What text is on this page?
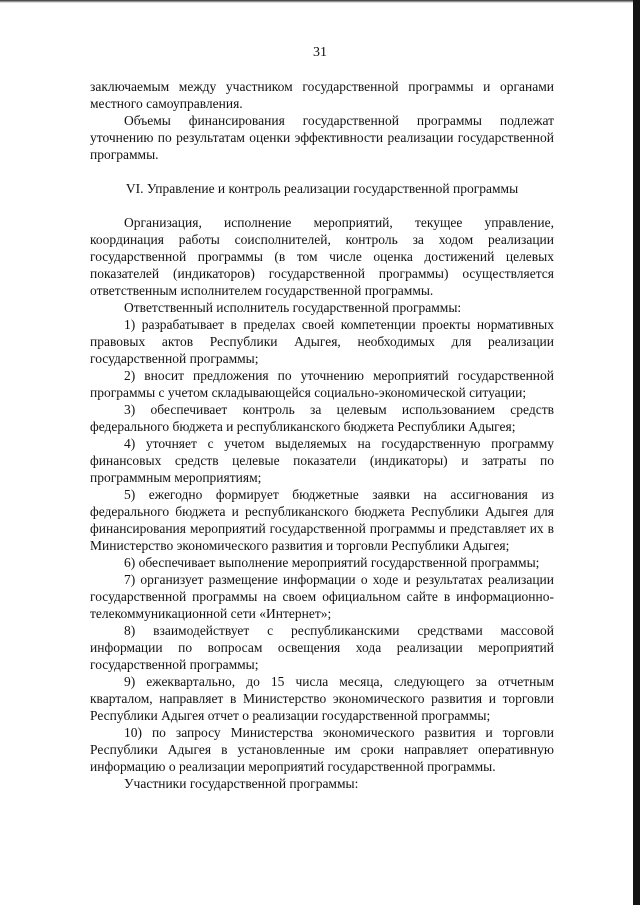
31

заключаемым между участником государственной программы и органами местного самоуправления.

Объемы финансирования государственной программы подлежат уточнению по результатам оценки эффективности реализации государственной программы.

VI. Управление и контроль реализации государственной программы

Организация, исполнение мероприятий, текущее управление, координация работы соисполнителей, контроль за ходом реализации государственной программы (в том числе оценка достижений целевых показателей (индикаторов) государственной программы) осуществляется ответственным исполнителем государственной программы.

Ответственный исполнитель государственной программы:

1) разрабатывает в пределах своей компетенции проекты нормативных правовых актов Республики Адыгея, необходимых для реализации государственной программы;

2) вносит предложения по уточнению мероприятий государственной программы с учетом складывающейся социально-экономической ситуации;

3) обеспечивает контроль за целевым использованием средств федерального бюджета и республиканского бюджета Республики Адыгея;

4) уточняет с учетом выделяемых на государственную программу финансовых средств целевые показатели (индикаторы) и затраты по программным мероприятиям;

5) ежегодно формирует бюджетные заявки на ассигнования из федерального бюджета и республиканского бюджета Республики Адыгея для финансирования мероприятий государственной программы и представляет их в Министерство экономического развития и торговли Республики Адыгея;

6) обеспечивает выполнение мероприятий государственной программы;

7) организует размещение информации о ходе и результатах реализации государственной программы на своем официальном сайте в информационно-телекоммуникационной сети «Интернет»;

8) взаимодействует с республиканскими средствами массовой информации по вопросам освещения хода реализации мероприятий государственной программы;

9) ежеквартально, до 15 числа месяца, следующего за отчетным кварталом, направляет в Министерство экономического развития и торговли Республики Адыгея отчет о реализации государственной программы;

10) по запросу Министерства экономического развития и торговли Республики Адыгея в установленные им сроки направляет оперативную информацию о реализации мероприятий государственной программы.

Участники государственной программы:
